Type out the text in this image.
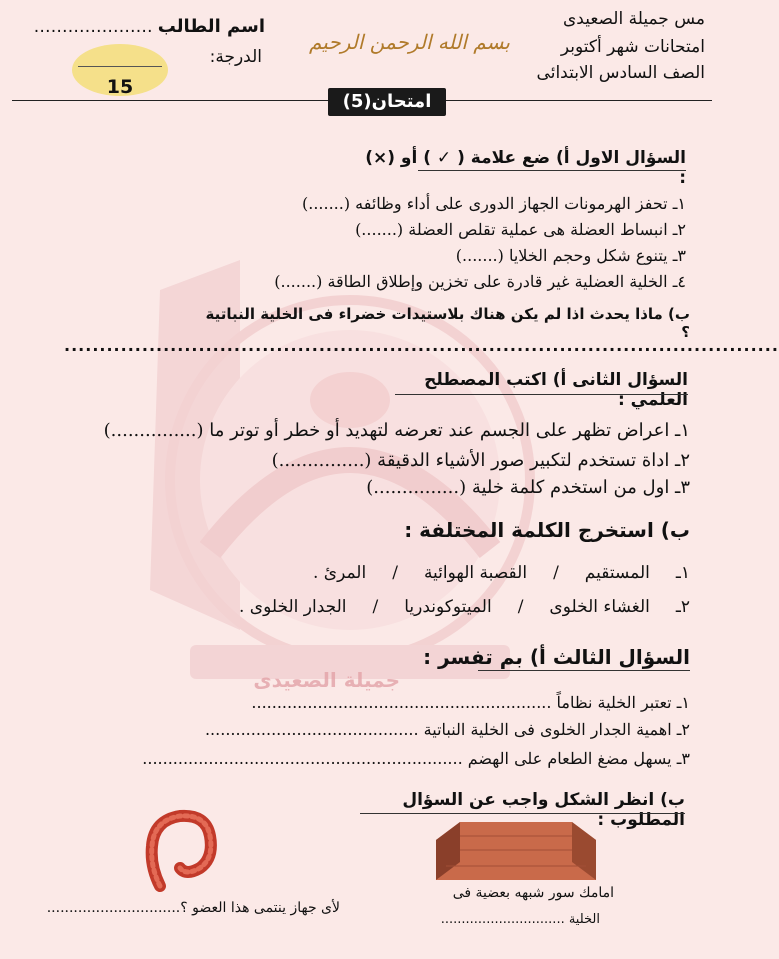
جميلة الصعيدى
مس جميلة الصعيدى
امتحانات شهر أكتوبر
الصف السادس الابتدائى
بسم الله الرحمن الرحيم
اسم الطالب …………………
الدرجة:
15
امتحان(5)
السؤال الاول أ) ضع علامة ( ✓ ) أو (×) :
١ـ تحفز الهرمونات الجهاز الدورى على أداء وظائفه (.......)
٢ـ انبساط العضلة هى عملية تقلص العضلة (.......)
٣ـ يتنوع شكل وحجم الخلايا (.......)
٤ـ الخلية العضلية غير قادرة على تخزين وإطلاق الطاقة (.......)
ب) ماذا يحدث اذا لم يكن هناك بلاستيدات خضراء فى الخلية النباتية ؟
.....................................................................................................
السؤال الثانى أ) اكتب المصطلح العلمي :
١ـ اعراض تظهر على الجسم عند تعرضه لتهديد أو خطر أو توتر ما (...............)
٢ـ اداة تستخدم لتكبير صور الأشياء الدقيقة (...............)
٣ـ اول من استخدم كلمة خلية (...............)
ب) استخرج الكلمة المختلفة :
١ـ
المستقيم
/
القصبة الهوائية
/
المرئ .
٢ـ
الغشاء الخلوى
/
الميتوكوندريا
/
الجدار الخلوى .
السؤال الثالث أ) بم تفسر :
١ـ تعتبر الخلية نظاماً ...........................................................
٢ـ اهمية الجدار الخلوى فى الخلية النباتية ..........................................
٣ـ يسهل مضغ الطعام على الهضم ...............................................................
ب) انظر الشكل واجب عن السؤال المطلوب :
امامك سور شبهه بعضية فى
الخلية ..............................
لأى جهاز ينتمى هذا العضو ؟..............................
